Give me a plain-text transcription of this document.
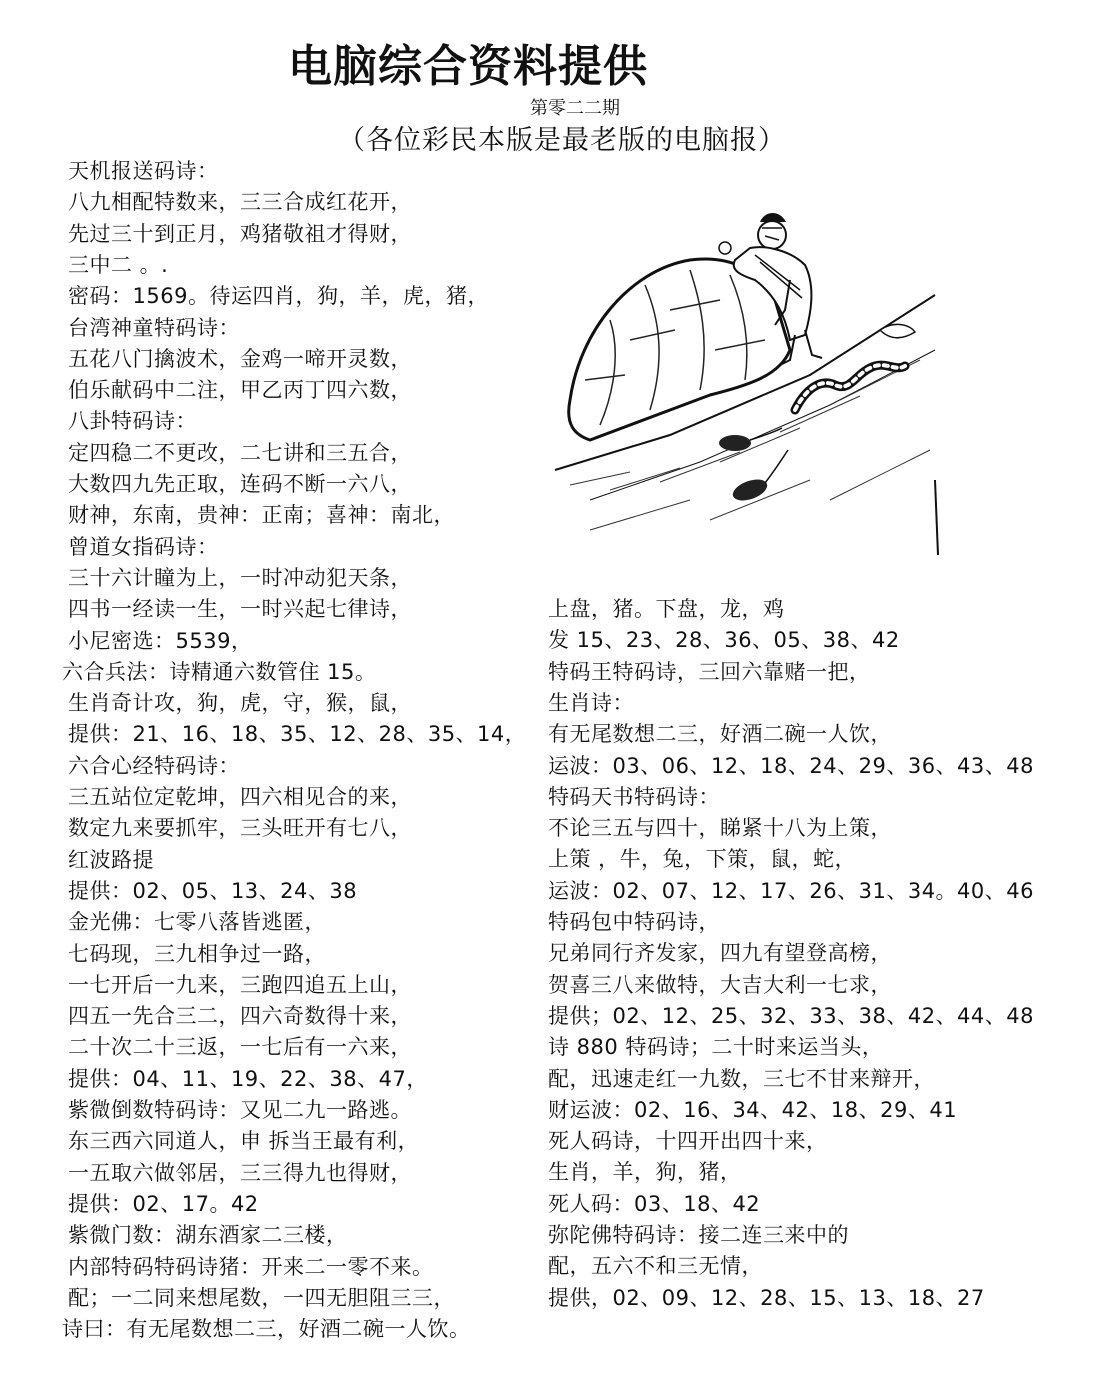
电脑综合资料提供
第零二二期
（各位彩民本版是最老版的电脑报）
天机报送码诗：
八九相配特数来，三三合成红花开，
先过三十到正月，鸡猪敬祖才得财，
三中二 。.
密码：1569。待运四肖，狗，羊，虎，猪，
台湾神童特码诗：
五花八门擒波术，金鸡一啼开灵数，
伯乐献码中二注，甲乙丙丁四六数，
八卦特码诗：
定四稳二不更改，二七讲和三五合，
大数四九先正取，连码不断一六八，
财神，东南，贵神：正南；喜神：南北，
曾道女指码诗：
三十六计瞳为上，一时冲动犯天条，
四书一经读一生，一时兴起七律诗，
小尼密选：5539，
六合兵法：诗精通六数管住 15。
生肖奇计攻，狗，虎，守，猴，鼠，
提供：21、16、18、35、12、28、35、14，
六合心经特码诗：
三五站位定乾坤，四六相见合的来，
数定九来要抓牢，三头旺开有七八，
红波路提
提供：02、05、13、24、38
金光佛：七零八落皆逃匿，
七码现，三九相争过一路，
一七开后一九来，三跑四追五上山，
四五一先合三二，四六奇数得十来，
二十次二十三返，一七后有一六来，
提供：04、11、19、22、38、47，
紫微倒数特码诗：又见二九一路逃。
东三西六同道人，申 拆当王最有利，
一五取六做邻居，三三得九也得财，
提供：02、17。42
紫微门数：湖东酒家二三楼，
内部特码特码诗猪：开来二一零不来。
配；一二同来想尾数，一四无胆阻三三，
诗曰：有无尾数想二三，好酒二碗一人饮。
上盘，猪。下盘，龙，鸡
发 15、23、28、36、05、38、42
特码王特码诗，三回六靠赌一把，
生肖诗：
有无尾数想二三，好酒二碗一人饮，
运波：03、06、12、18、24、29、36、43、48
特码天书特码诗：
不论三五与四十，睇紧十八为上策，
上策 ，牛，兔，下策，鼠，蛇，
运波：02、07、12、17、26、31、34。40、46
特码包中特码诗，
兄弟同行齐发家，四九有望登高榜，
贺喜三八来做特，大吉大利一七求，
提供；02、12、25、32、33、38、42、44、48
诗 880 特码诗；二十时来运当头，
配，迅速走红一九数，三七不甘来辩开，
财运波：02、16、34、42、18、29、41
死人码诗，十四开出四十来，
生肖，羊，狗，猪，
死人码：03、18、42
弥陀佛特码诗：接二连三来中的
配，五六不和三无情，
提供，02、09、12、28、15、13、18、27
